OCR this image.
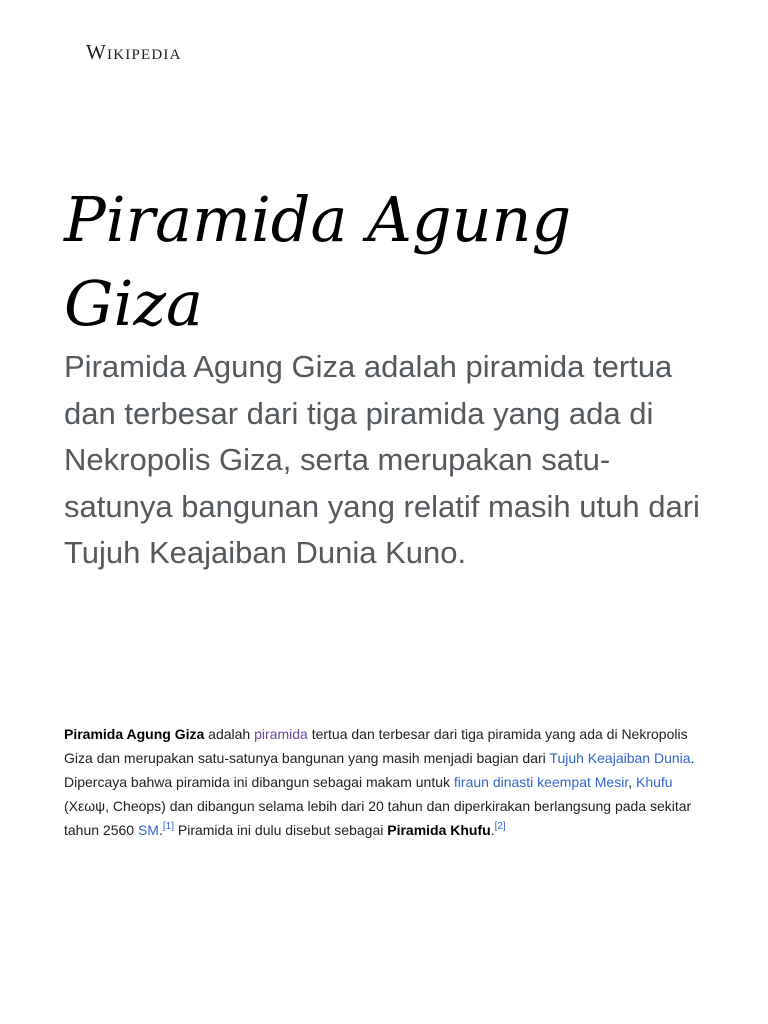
Wikipedia
Piramida Agung Giza

Piramida Agung Giza adalah piramida tertua dan terbesar dari tiga piramida yang ada di Nekropolis Giza, serta merupakan satu-satunya bangunan yang relatif masih utuh dari Tujuh Keajaiban Dunia Kuno.

Piramida Agung Giza adalah piramida tertua dan terbesar dari tiga piramida yang ada di Nekropolis Giza dan merupakan satu-satunya bangunan yang masih menjadi bagian dari Tujuh Keajaiban Dunia. Dipercaya bahwa piramida ini dibangun sebagai makam untuk firaun dinasti keempat Mesir, Khufu (Χεωψ, Cheops) dan dibangun selama lebih dari 20 tahun dan diperkirakan berlangsung pada sekitar tahun 2560 SM.[1] Piramida ini dulu disebut sebagai Piramida Khufu.[2]
